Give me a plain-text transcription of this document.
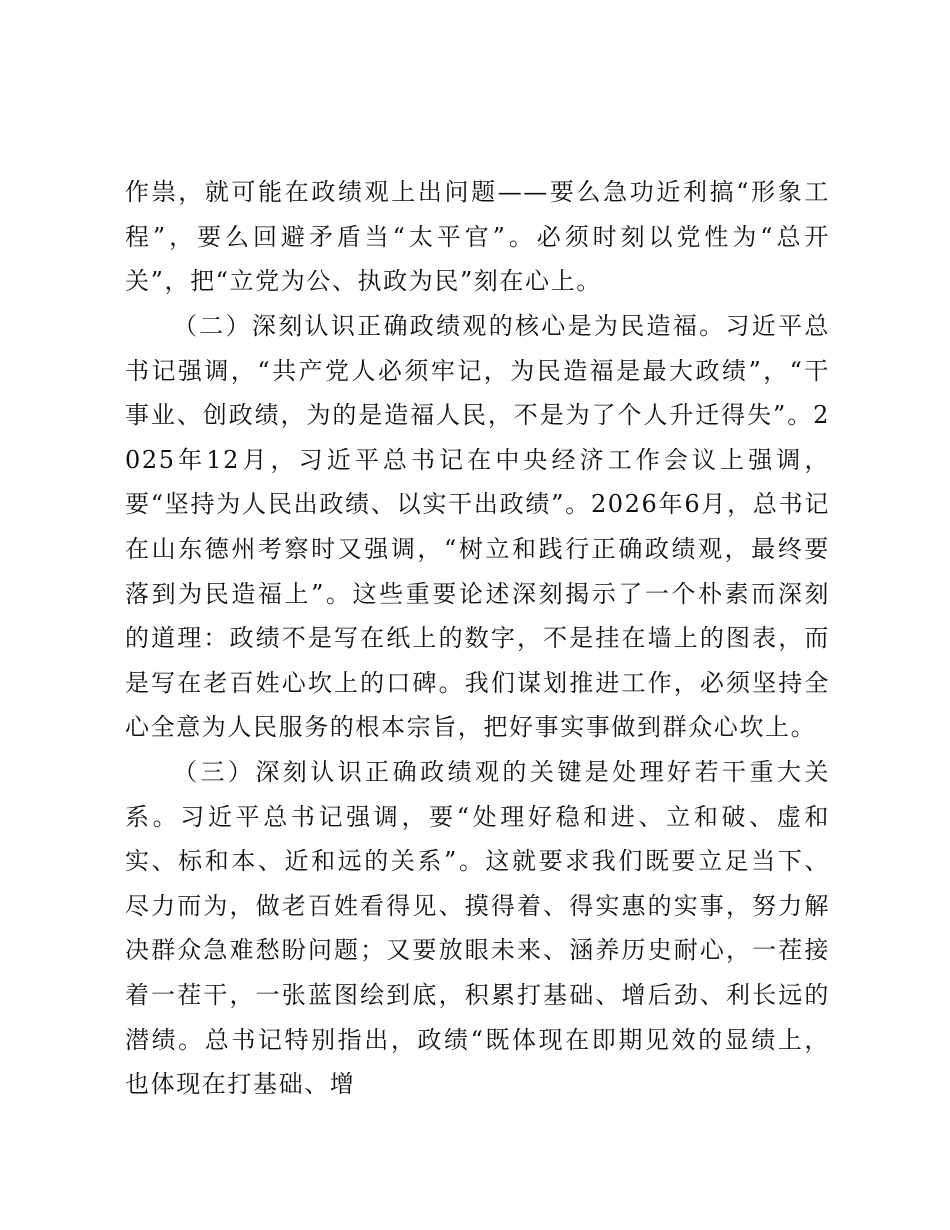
作祟，就可能在政绩观上出问题——要么急功近利搞“形象工程”，要么回避矛盾当“太平官”。必须时刻以党性为“总开关”，把“立党为公、执政为民”刻在心上。

（二）深刻认识正确政绩观的核心是为民造福。习近平总书记强调，“共产党人必须牢记，为民造福是最大政绩”，“干事业、创政绩，为的是造福人民，不是为了个人升迁得失”。2025年12月，习近平总书记在中央经济工作会议上强调，要“坚持为人民出政绩、以实干出政绩”。2026年6月，总书记在山东德州考察时又强调，“树立和践行正确政绩观，最终要落到为民造福上”。这些重要论述深刻揭示了一个朴素而深刻的道理：政绩不是写在纸上的数字，不是挂在墙上的图表，而是写在老百姓心坎上的口碑。我们谋划推进工作，必须坚持全心全意为人民服务的根本宗旨，把好事实事做到群众心坎上。

（三）深刻认识正确政绩观的关键是处理好若干重大关系。习近平总书记强调，要“处理好稳和进、立和破、虚和实、标和本、近和远的关系”。这就要求我们既要立足当下、尽力而为，做老百姓看得见、摸得着、得实惠的实事，努力解决群众急难愁盼问题；又要放眼未来、涵养历史耐心，一茬接着一茬干，一张蓝图绘到底，积累打基础、增后劲、利长远的潜绩。总书记特别指出，政绩“既体现在即期见效的显绩上，也体现在打基础、增
